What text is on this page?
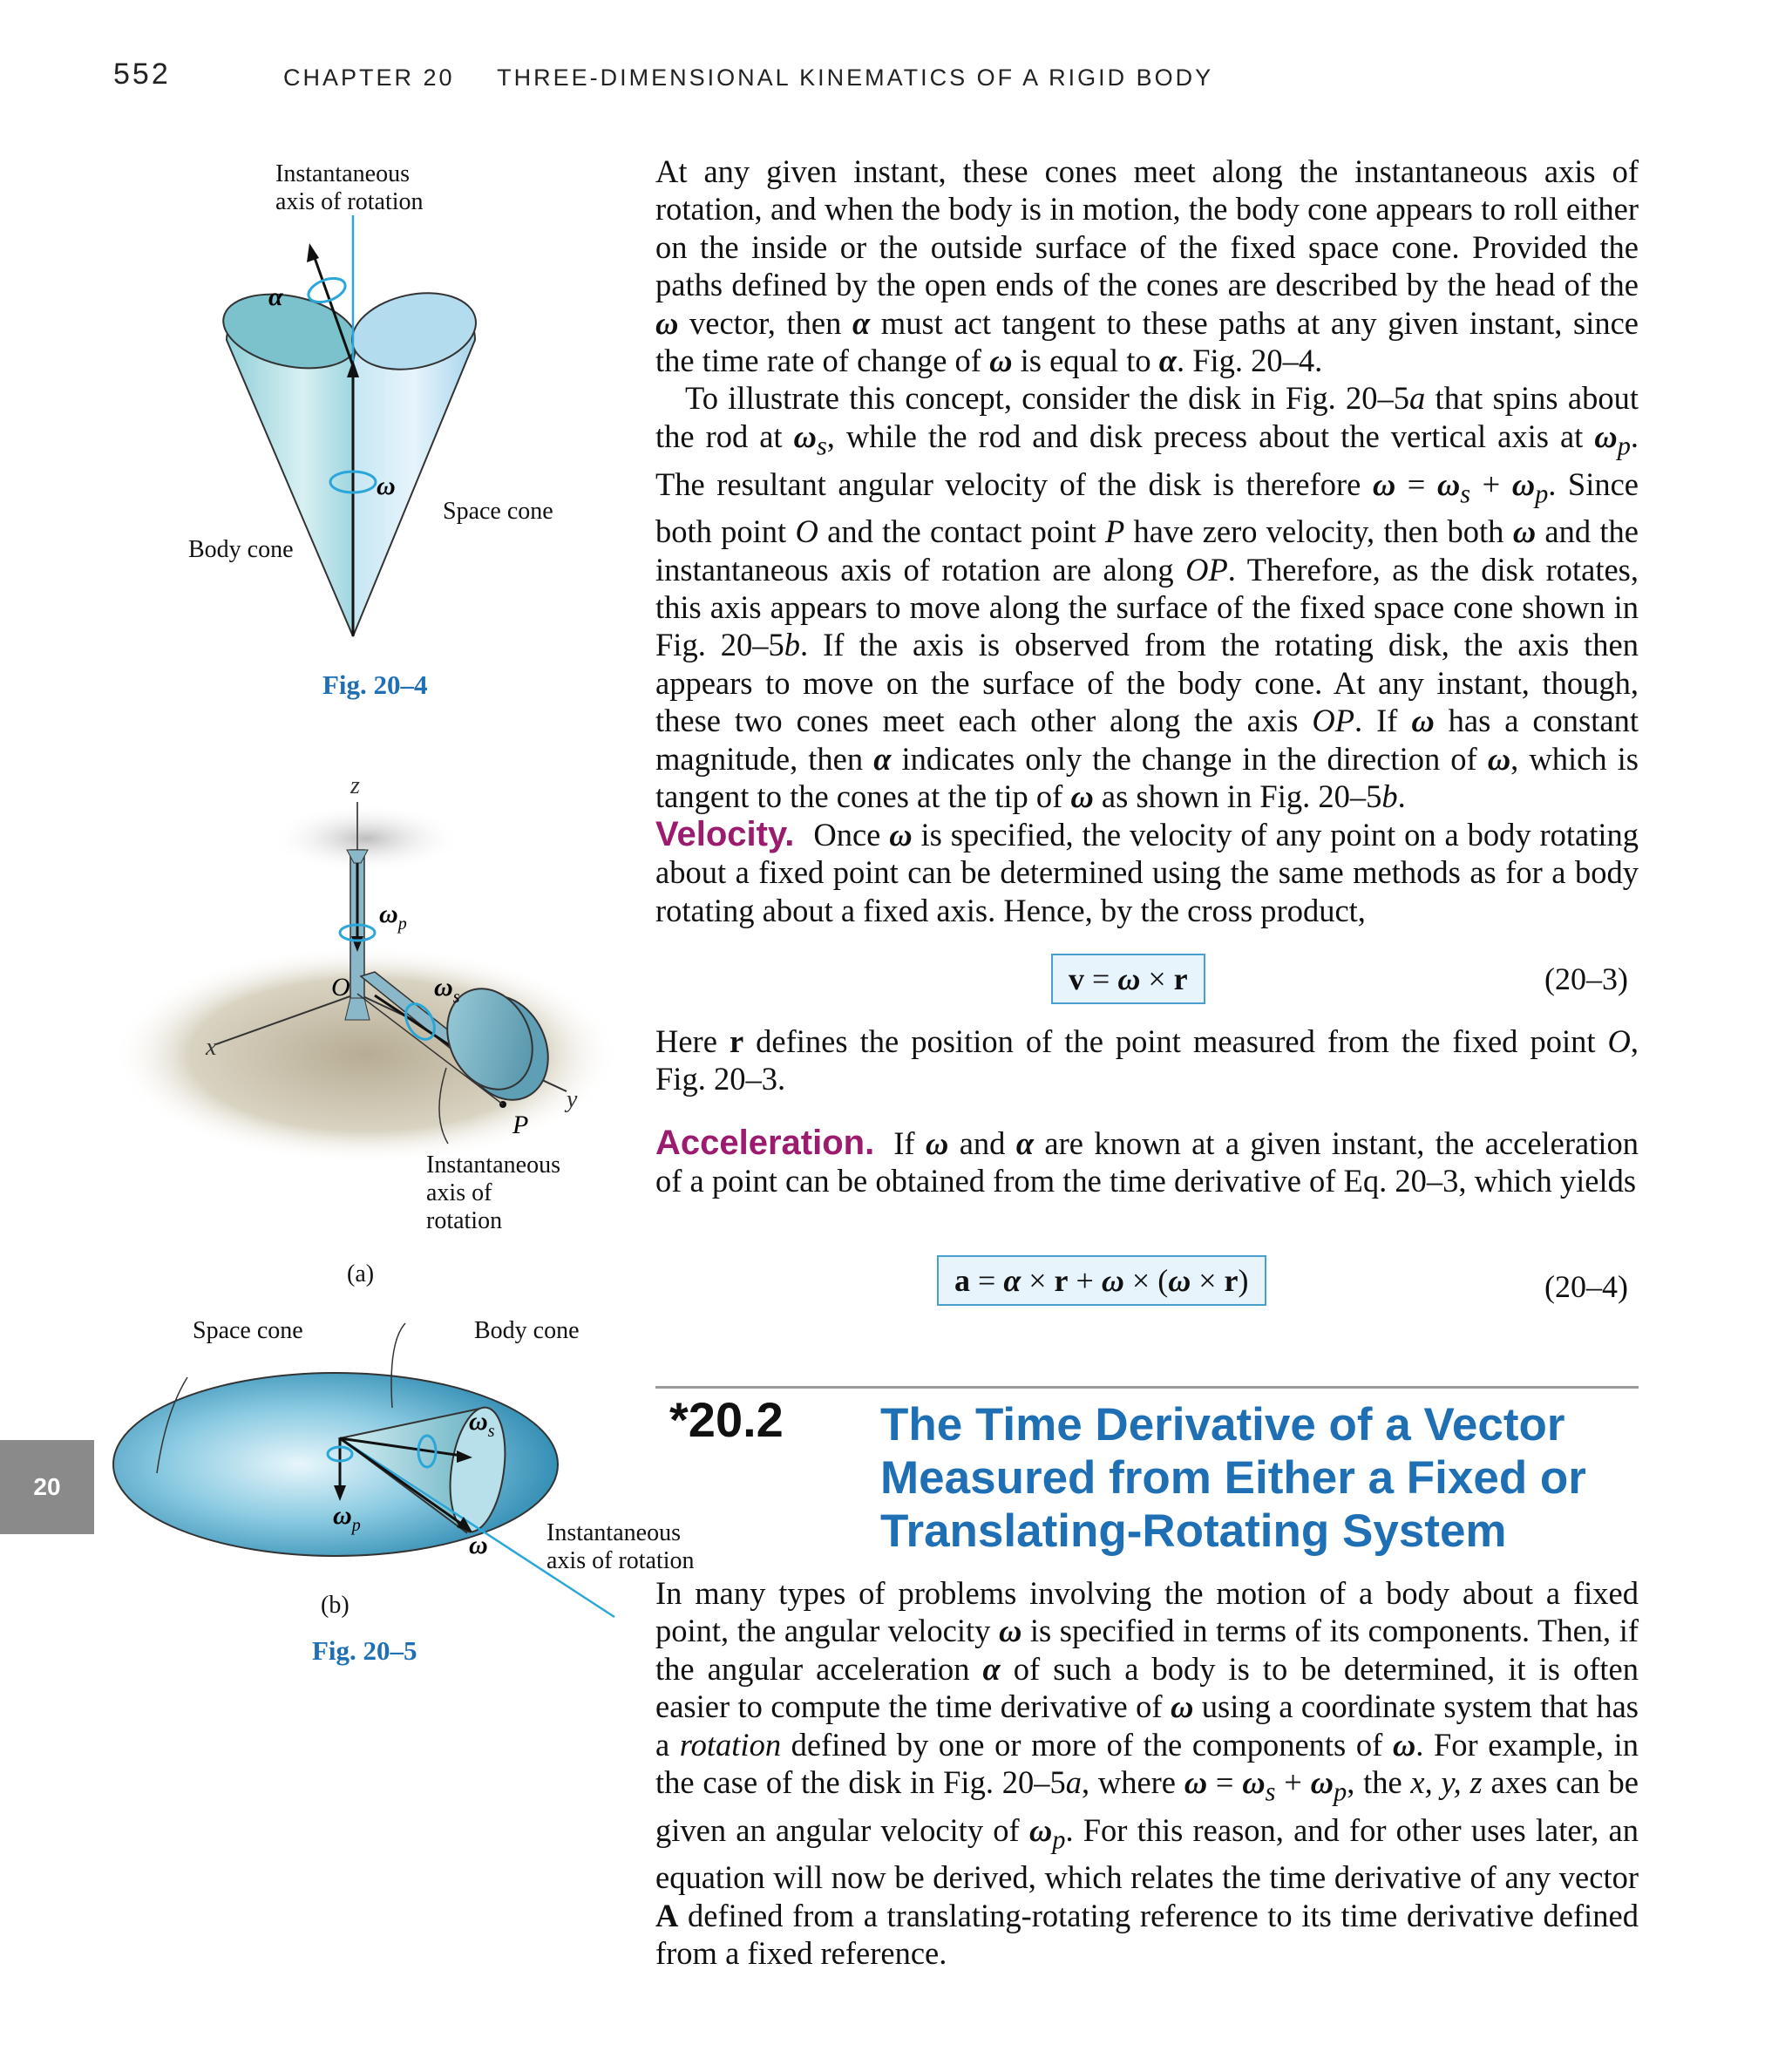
552	CHAPTER 20 THREE-DIMENSIONAL KINEMATICS OF A RIGID BODY
α
ω
Instantaneous
axis of rotation
Space cone
Body cone
Fig. 20–4
z
x
y
O
P
$\omega_p$
$\omega_s$
Instantaneous
axis of
rotation
(a)
$\omega_s$
$\omega_p$
ω
Space cone	Body cone
Instantaneous
axis of rotation
(b)
Fig. 20–5
20

At any given instant, these cones meet along the instantaneous axis of rotation, and when the body is in motion, the body cone appears to roll either on the inside or the outside surface of the fixed space cone. Provided the paths defined by the open ends of the cones are described by the head of the ω vector, then α must act tangent to these paths at any given instant, since the time rate of change of ω is equal to α. Fig. 20–4.

To illustrate this concept, consider the disk in Fig. 20–5a that spins about the rod at $\omega_s$, while the rod and disk precess about the vertical axis at $\omega_p$. The resultant angular velocity of the disk is therefore $\omega = \omega_s + \omega_p$. Since both point O and the contact point P have zero velocity, then both ω and the instantaneous axis of rotation are along OP. Therefore, as the disk rotates, this axis appears to move along the surface of the fixed space cone shown in Fig. 20–5b. If the axis is observed from the rotating disk, the axis then appears to move on the surface of the body cone. At any instant, though, these two cones meet each other along the axis OP. If ω has a constant magnitude, then α indicates only the change in the direction of ω, which is tangent to the cones at the tip of ω as shown in Fig. 20–5b.

Velocity. Once ω is specified, the velocity of any point on a body rotating about a fixed point can be determined using the same methods as for a body rotating about a fixed axis. Hence, by the cross product,

v = ω × r	(20–3)

Here r defines the position of the point measured from the fixed point O, Fig. 20–3.

Acceleration. If ω and α are known at a given instant, the acceleration of a point can be obtained from the time derivative of Eq. 20–3, which yields

a = α × r + ω × (ω × r)	(20–4)
*20.2 The Time Derivative of a Vector Measured from Either a Fixed or Translating-Rotating System

In many types of problems involving the motion of a body about a fixed point, the angular velocity ω is specified in terms of its components. Then, if the angular acceleration α of such a body is to be determined, it is often easier to compute the time derivative of ω using a coordinate system that has a rotation defined by one or more of the components of ω. For example, in the case of the disk in Fig. 20–5a, where $\omega = \omega_s + \omega_p$, the x, y, z axes can be given an angular velocity of $\omega_p$. For this reason, and for other uses later, an equation will now be derived, which relates the time derivative of any vector A defined from a translating-rotating reference to its time derivative defined from a fixed reference.
